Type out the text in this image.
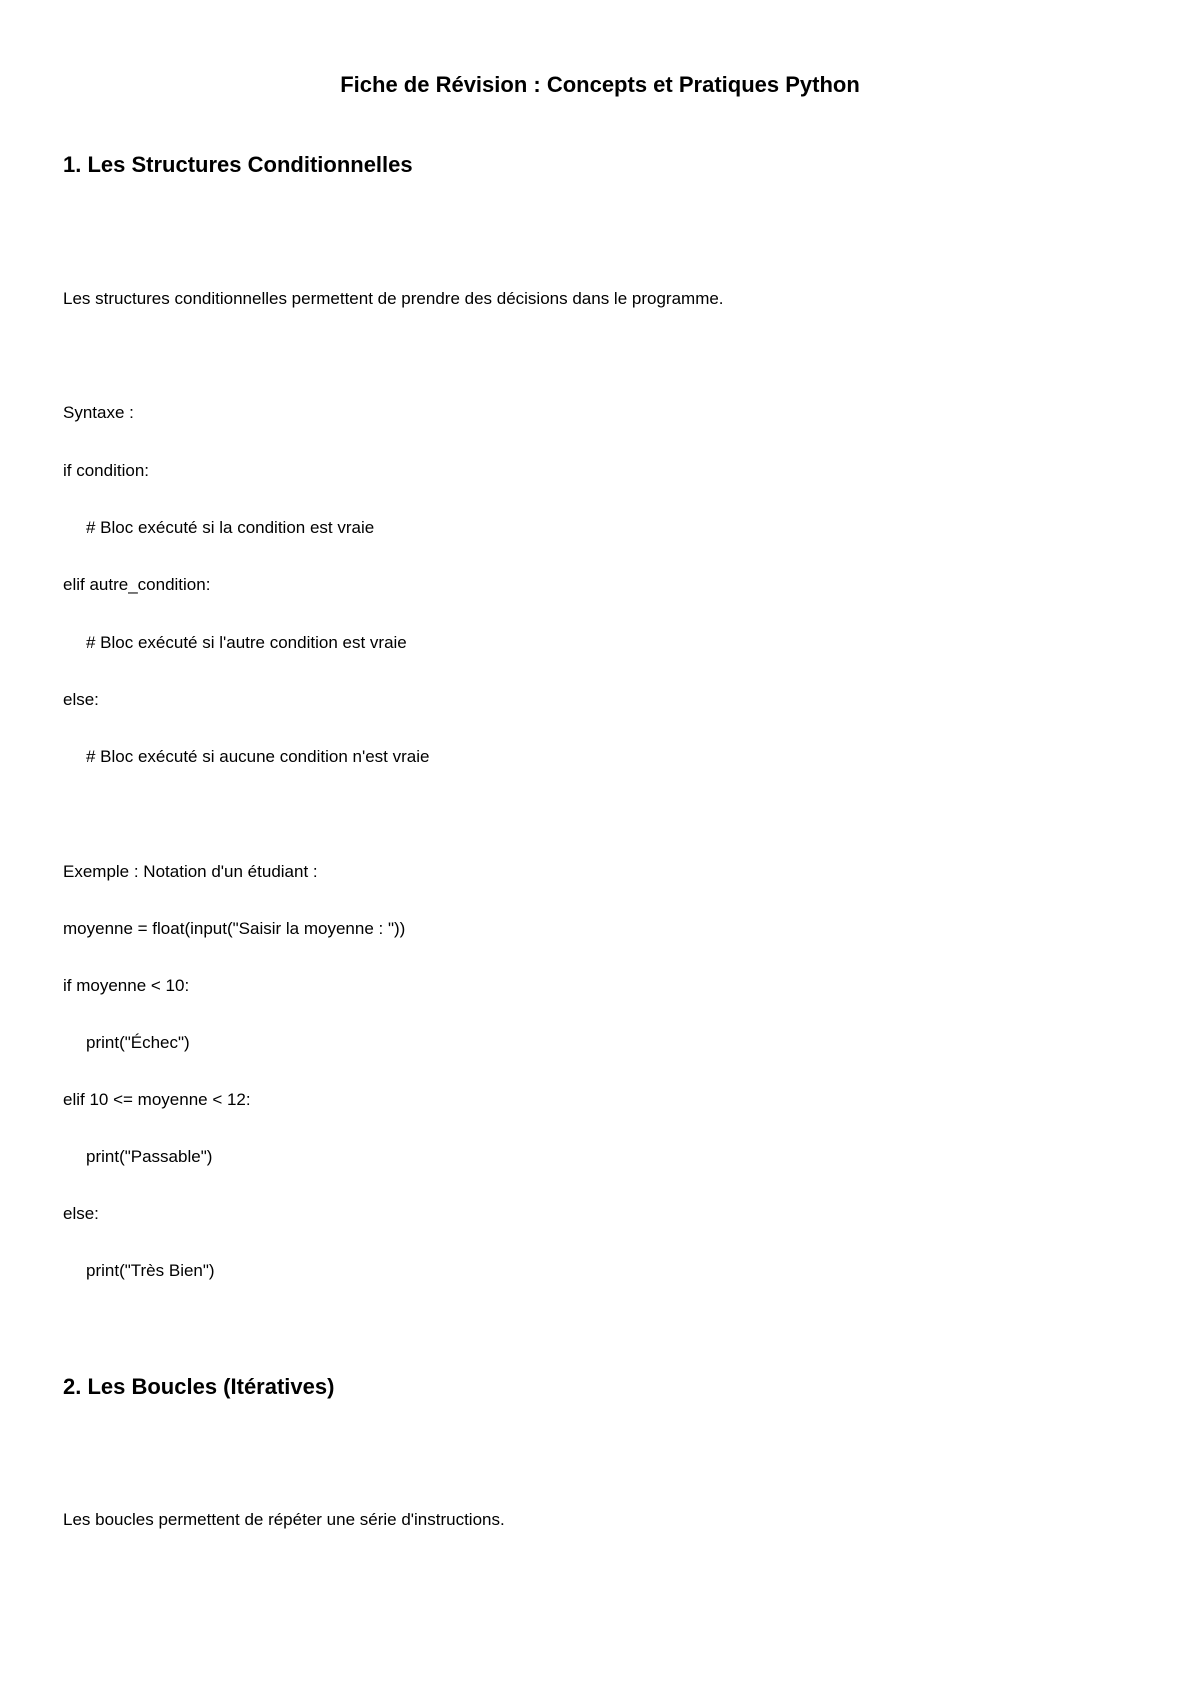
Fiche de Révision : Concepts et Pratiques Python
1. Les Structures Conditionnelles
Les structures conditionnelles permettent de prendre des décisions dans le programme.
Syntaxe :
if condition:
# Bloc exécuté si la condition est vraie
elif autre_condition:
# Bloc exécuté si l'autre condition est vraie
else:
# Bloc exécuté si aucune condition n'est vraie
Exemple : Notation d'un étudiant :
moyenne = float(input("Saisir la moyenne : "))
if moyenne < 10:
print("Échec")
elif 10 <= moyenne < 12:
print("Passable")
else:
print("Très Bien")
2. Les Boucles (Itératives)
Les boucles permettent de répéter une série d'instructions.
